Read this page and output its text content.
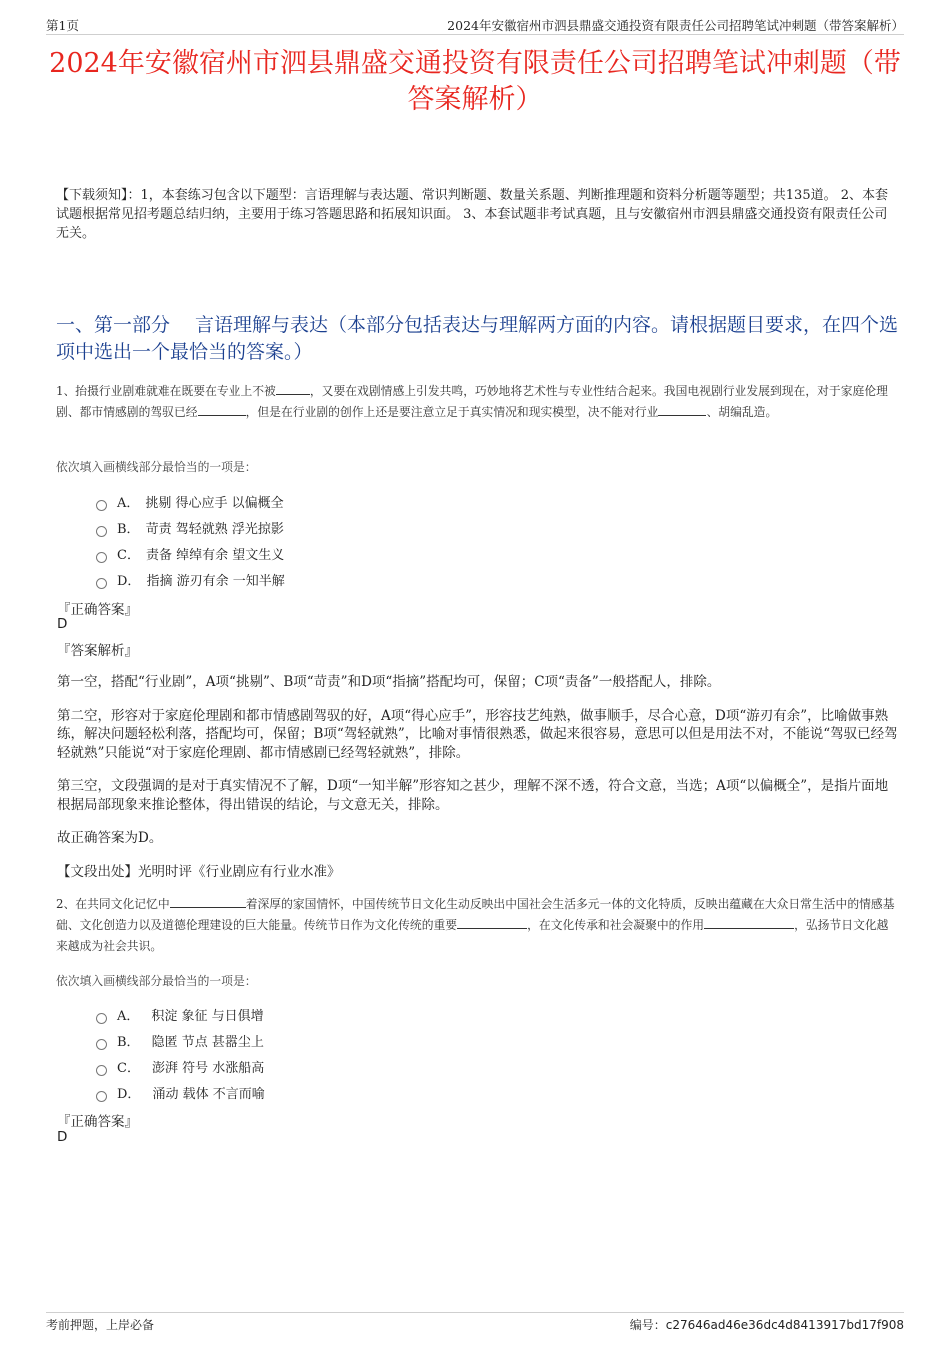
第1页	2024年安徽宿州市泗县鼎盛交通投资有限责任公司招聘笔试冲刺题（带答案解析）
2024年安徽宿州市泗县鼎盛交通投资有限责任公司招聘笔试冲刺题（带答案解析）
【下载须知】：1，本套练习包含以下题型：言语理解与表达题、常识判断题、数量关系题、判断推理题和资料分析题等题型；共135道。 2、本套试题根据常见招考题总结归纳，主要用于练习答题思路和拓展知识面。 3、本套试题非考试真题，且与安徽宿州市泗县鼎盛交通投资有限责任公司无关。
一、第一部分　 言语理解与表达（本部分包括表达与理解两方面的内容。请根据题目要求，在四个选项中选出一个最恰当的答案。）
1、抬摄行业剧难就难在既要在专业上不被	，又要在戏剧情感上引发共鸣，巧妙地将艺术性与专业性结合起来。我国电视剧行业发展到现在，对于家庭伦理剧、都市情感剧的驾驭已经	，但是在行业剧的创作上还是要注意立足于真实情况和现实模型，决不能对行业	、胡编乱造。
依次填入画横线部分最恰当的一项是：
A． 挑剔 得心应手 以偏概全
B． 苛责 驾轻就熟 浮光掠影
C． 责备 绰绰有余 望文生义
D． 指摘 游刃有余 一知半解
『正确答案』
D
『答案解析』

第一空，搭配“行业剧”，A项“挑剔”、B项“苛责”和D项“指摘”搭配均可，保留；C项“责备”一般搭配人，排除。

第二空，形容对于家庭伦理剧和都市情感剧驾驭的好，A项“得心应手”，形容技艺纯熟，做事顺手，尽合心意，D项“游刃有余”，比喻做事熟练，解决问题轻松利落，搭配均可，保留；B项“驾轻就熟”，比喻对事情很熟悉，做起来很容易，意思可以但是用法不对，不能说“驾驭已经驾轻就熟”只能说“对于家庭伦理剧、都市情感剧已经驾轻就熟”，排除。

第三空，文段强调的是对于真实情况不了解，D项“一知半解”形容知之甚少，理解不深不透，符合文意，当选；A项“以偏概全”，是指片面地根据局部现象来推论整体，得出错误的结论，与文意无关，排除。

故正确答案为D。

【文段出处】光明时评《行业剧应有行业水准》
2、在共同文化记忆中	着深厚的家国情怀，中国传统节日文化生动反映出中国社会生活多元一体的文化特质，反映出蕴藏在大众日常生活中的情感基础、文化创造力以及道德伦理建设的巨大能量。传统节日作为文化传统的重要	，在文化传承和社会凝聚中的作用	，弘扬节日文化越来越成为社会共识。
依次填入画横线部分最恰当的一项是：
A． 积淀 象征 与日俱增
B． 隐匿 节点 甚嚣尘上
C． 澎湃 符号 水涨船高
D． 涌动 载体 不言而喻
『正确答案』
D
考前押题，上岸必备	编号：c27646ad46e36dc4d8413917bd17f908
